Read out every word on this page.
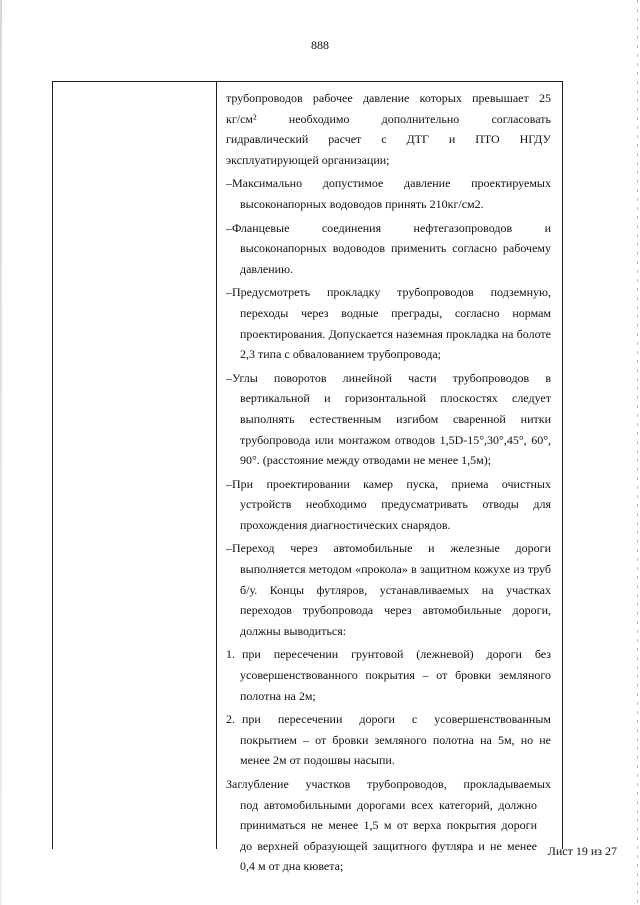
888
трубопроводов рабочее давление которых превышает 25
кг/см² необходимо дополнительно согласовать
гидравлический расчет с ДТГ и ПТО НГДУ
эксплуатирующей организации;
–Максимально допустимое давление проектируемых
высоконапорных водоводов принять 210кг/см2.
–Фланцевые соединения нефтегазопроводов и
высоконапорных водоводов применить согласно рабочему
давлению.
–Предусмотреть прокладку трубопроводов подземную,
переходы через водные преграды, согласно нормам
проектирования. Допускается наземная прокладка на болоте
2,3 типа с обвалованием трубопровода;
–Углы поворотов линейной части трубопроводов в
вертикальной и горизонтальной плоскостях следует
выполнять естественным изгибом сваренной нитки
трубопровода или монтажом отводов 1,5D-15°,30°,45°, 60°,
90°. (расстояние между отводами не менее 1,5м);
–При проектировании камер пуска, приема очистных
устройств необходимо предусматривать отводы для
прохождения диагностических снарядов.
–Переход через автомобильные и железные дороги
выполняется методом «прокола» в защитном кожухе из труб
б/у. Концы футляров, устанавливаемых на участках
переходов трубопровода через автомобильные дороги,
должны выводиться:
1. при пересечении грунтовой (лежневой) дороги без
усовершенствованного покрытия – от бровки земляного
полотна на 2м;
2. при пересечении дороги с усовершенствованным
покрытием – от бровки земляного полотна на 5м, но не
менее 2м от подошвы насыпи.
Заглубление участков трубопроводов, прокладываемых
под автомобильными дорогами всех категорий, должно
приниматься не менее 1,5 м от верха покрытия дороги
до верхней образующей защитного футляра и не менее
0,4 м от дна кювета;
Лист 19 из 27
